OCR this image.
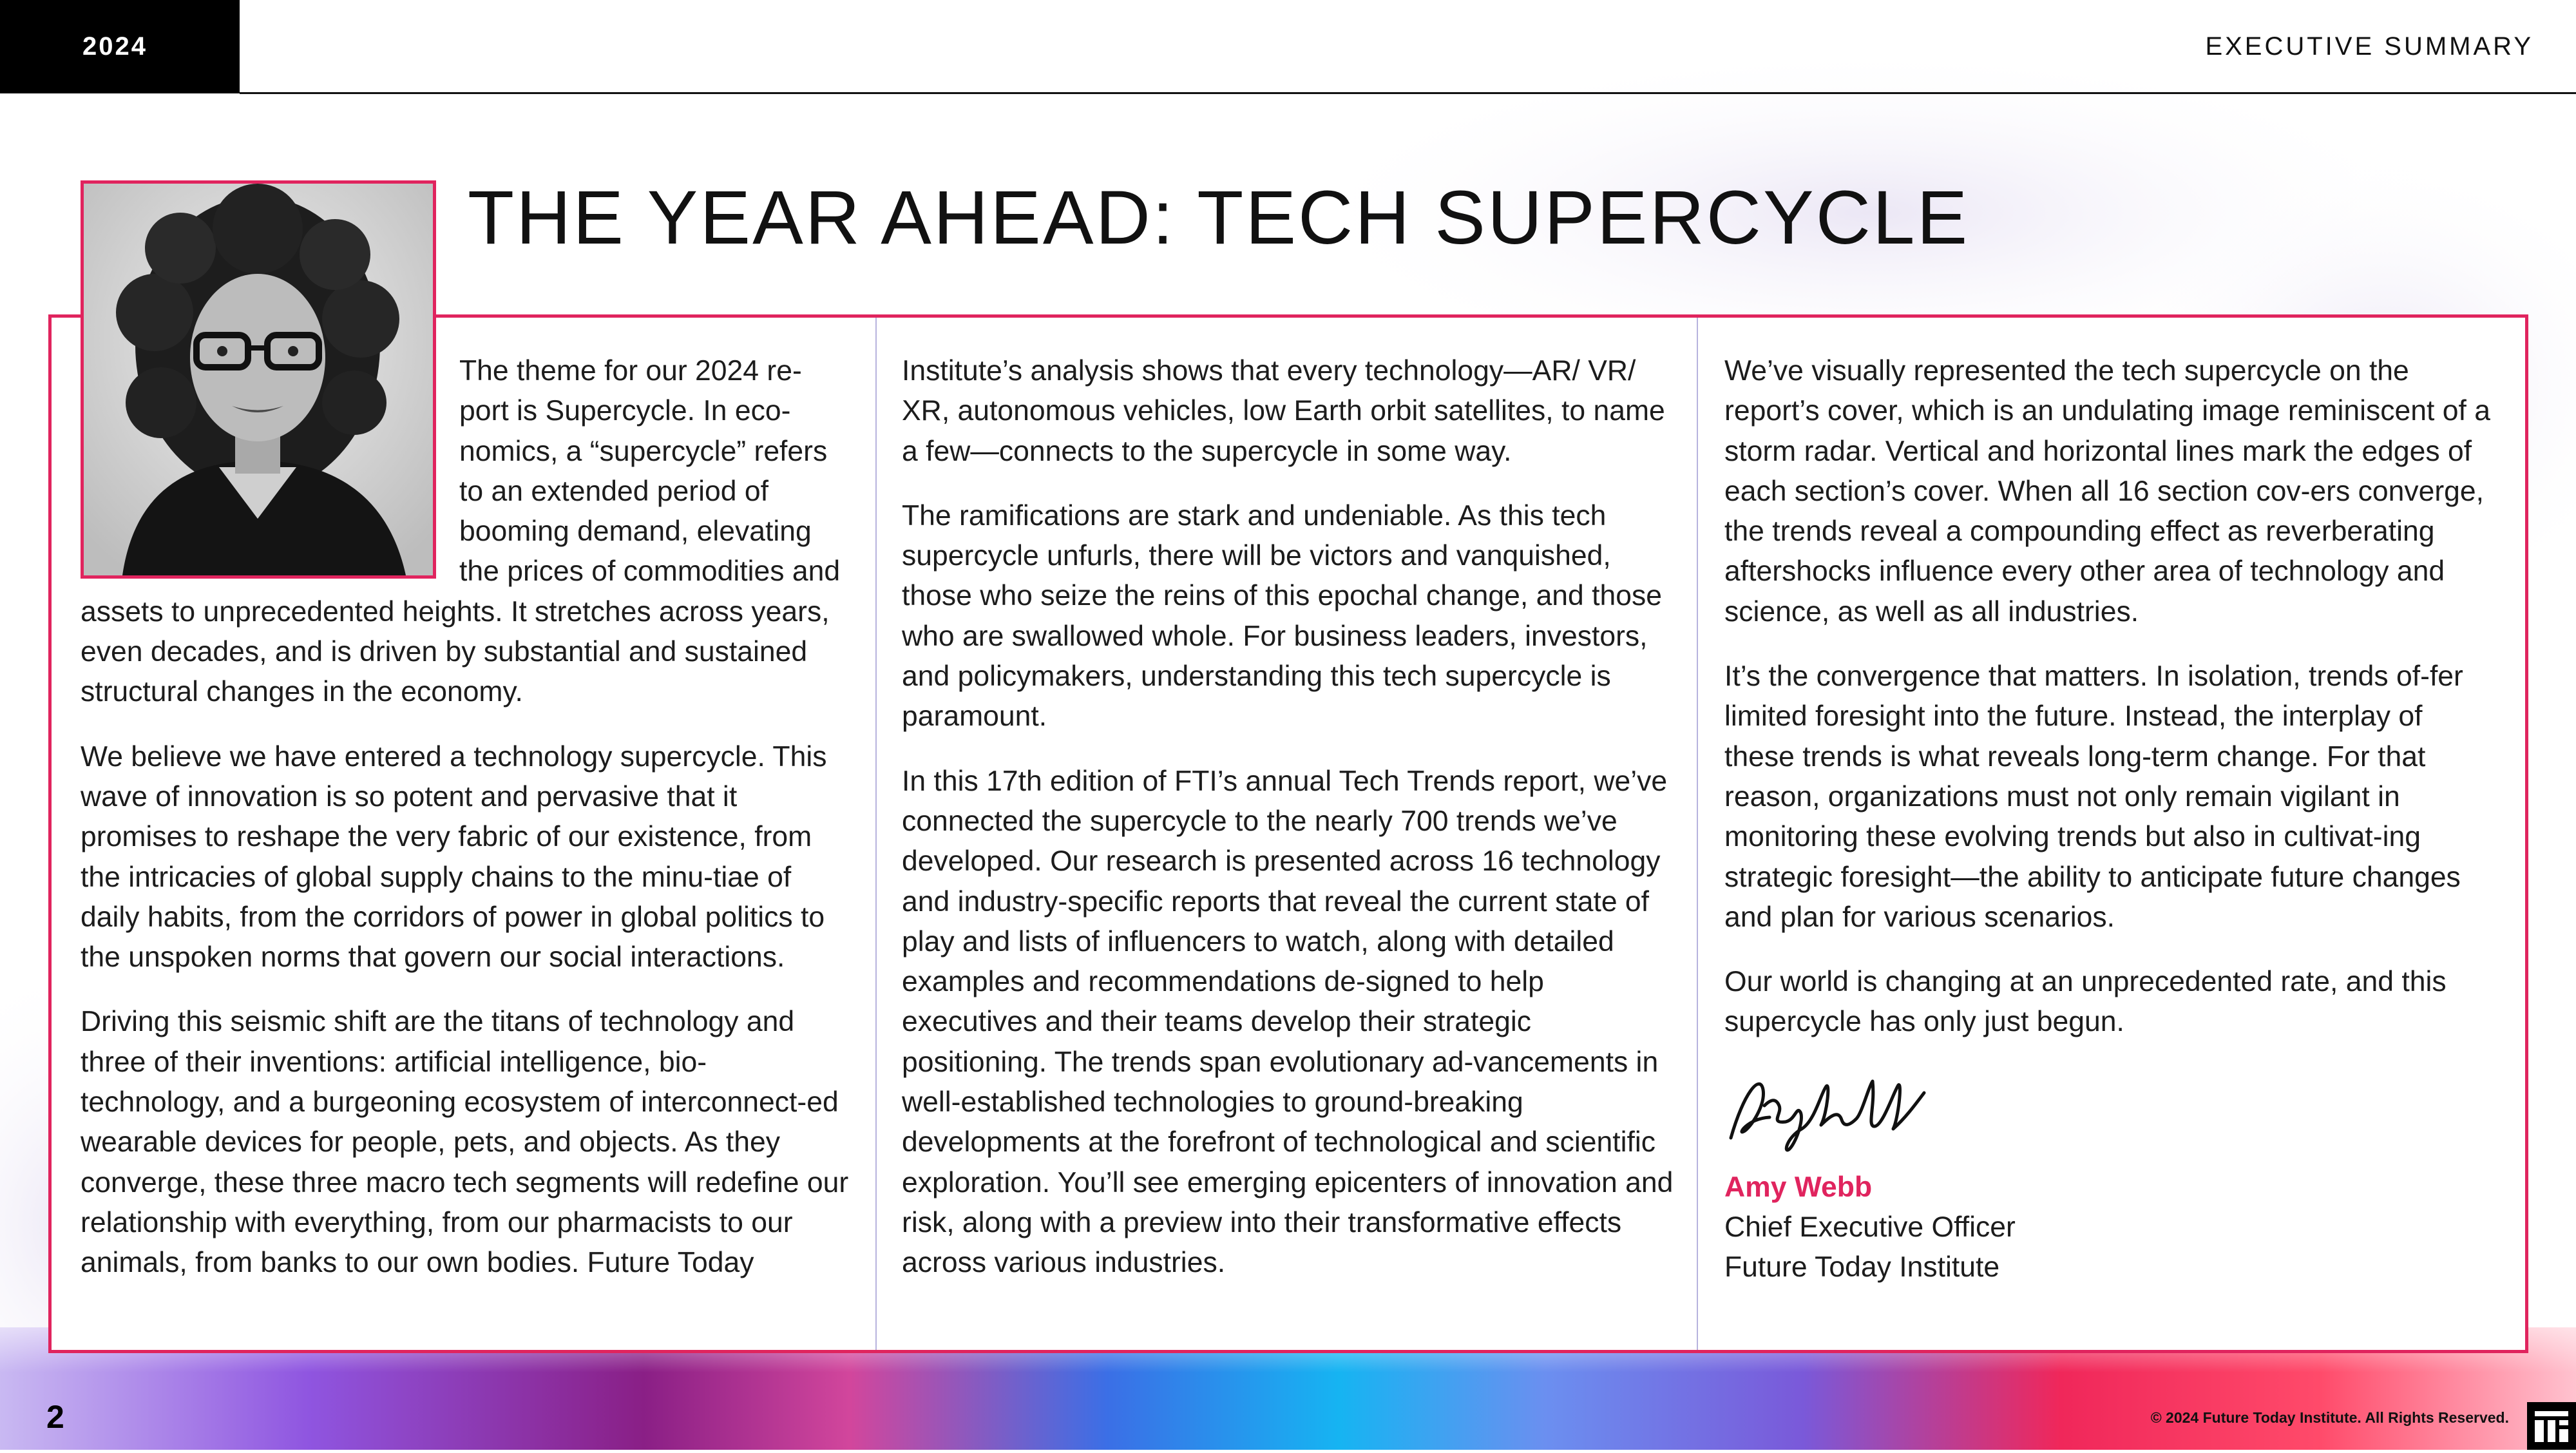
2024	EXECUTIVE SUMMARY
THE YEAR AHEAD: TECH SUPERCYCLE

The theme for our 2024 re-port is Supercycle. In eco-nomics, a “supercycle” refers to an extended period of booming demand, elevating the prices of commodities and assets to unprecedented heights. It stretches across years, even decades, and is driven by substantial and sustained structural changes in the economy.

We believe we have entered a technology supercycle. This wave of innovation is so potent and pervasive that it promises to reshape the very fabric of our existence, from the intricacies of global supply chains to the minu-tiae of daily habits, from the corridors of power in global politics to the unspoken norms that govern our social interactions.

Driving this seismic shift are the titans of technology and three of their inventions: artificial intelligence, bio-technology, and a burgeoning ecosystem of interconnect-ed wearable devices for people, pets, and objects. As they converge, these three macro tech segments will redefine our relationship with everything, from our pharmacists to our animals, from banks to our own bodies. Future Today

Institute’s analysis shows that every technology—AR/ VR/ XR, autonomous vehicles, low Earth orbit satellites, to name a few—connects to the supercycle in some way.

The ramifications are stark and undeniable. As this tech supercycle unfurls, there will be victors and vanquished, those who seize the reins of this epochal change, and those who are swallowed whole. For business leaders, investors, and policymakers, understanding this tech supercycle is paramount.

In this 17th edition of FTI’s annual Tech Trends report, we’ve connected the supercycle to the nearly 700 trends we’ve developed. Our research is presented across 16 technology and industry-specific reports that reveal the current state of play and lists of influencers to watch, along with detailed examples and recommendations de-signed to help executives and their teams develop their strategic positioning. The trends span evolutionary ad-vancements in well-established technologies to ground-breaking developments at the forefront of technological and scientific exploration. You’ll see emerging epicenters of innovation and risk, along with a preview into their transformative effects across various industries.

We’ve visually represented the tech supercycle on the report’s cover, which is an undulating image reminiscent of a storm radar. Vertical and horizontal lines mark the edges of each section’s cover. When all 16 section cov-ers converge, the trends reveal a compounding effect as reverberating aftershocks influence every other area of technology and science, as well as all industries.

It’s the convergence that matters. In isolation, trends of-fer limited foresight into the future. Instead, the interplay of these trends is what reveals long-term change. For that reason, organizations must not only remain vigilant in monitoring these evolving trends but also in cultivat-ing strategic foresight—the ability to anticipate future changes and plan for various scenarios.

Our world is changing at an unprecedented rate, and this supercycle has only just begun.

Amy Webb
Chief Executive Officer
Future Today Institute
2	© 2024 Future Today Institute. All Rights Reserved.
